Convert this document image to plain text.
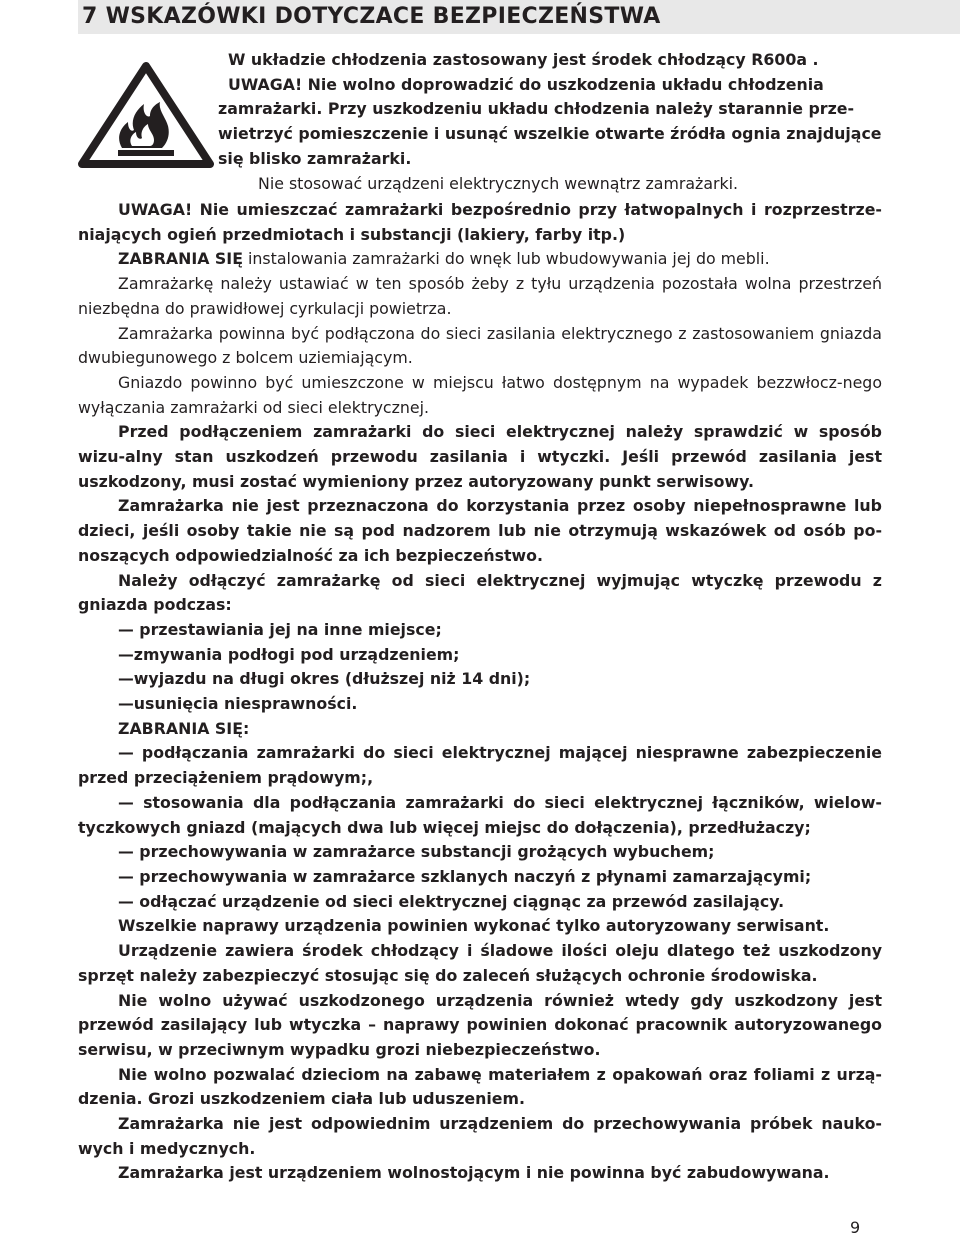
7 WSKAZÓWKI DOTYCZACE BEZPIECZEŃSTWA

W układzie chłodzenia zastosowany jest środek chłodzący R600a .

UWAGA! Nie wolno doprowadzić do uszkodzenia układu chłodzenia

zamrażarki. Przy uszkodzeniu układu chłodzenia należy starannie prze-

wietrzyć pomieszczenie i usunąć wszelkie otwarte źródła ognia znajdujące

się blisko zamrażarki.

Nie stosować urządzeni elektrycznych wewnątrz zamrażarki.

UWAGA! Nie umieszczać zamrażarki bezpośrednio przy łatwopalnych i rozprzestrze-niających ogień przedmiotach i substancji (lakiery, farby itp.)

ZABRANIA SIĘ instalowania zamrażarki do wnęk lub wbudowywania jej do mebli.

Zamrażarkę należy ustawiać w ten sposób żeby z tyłu urządzenia pozostała wolna przestrzeń niezbędna do prawidłowej cyrkulacji powietrza.

Zamrażarka powinna być podłączona do sieci zasilania elektrycznego z zastosowaniem gniazda dwubiegunowego z bolcem uziemiającym.

Gniazdo powinno być umieszczone w miejscu łatwo dostępnym na wypadek bezzwłocz-nego wyłączania zamrażarki od sieci elektrycznej.

Przed podłączeniem zamrażarki do sieci elektrycznej należy sprawdzić w sposób wizu-alny stan uszkodzeń przewodu zasilania i wtyczki. Jeśli przewód zasilania jest uszkodzony, musi zostać wymieniony przez autoryzowany punkt serwisowy.

Zamrażarka nie jest przeznaczona do korzystania przez osoby niepełnosprawne lub dzieci, jeśli osoby takie nie są pod nadzorem lub nie otrzymują wskazówek od osób po-noszących odpowiedzialność za ich bezpieczeństwo.

Należy odłączyć zamrażarkę od sieci elektrycznej wyjmując wtyczkę przewodu z gniazda podczas:

— przestawiania jej na inne miejsce;

—zmywania podłogi pod urządzeniem;

—wyjazdu na długi okres (dłuższej niż 14 dni);

—usunięcia niesprawności.

ZABRANIA SIĘ:

— podłączania zamrażarki do sieci elektrycznej mającej niesprawne zabezpieczenie przed przeciążeniem prądowym;,

— stosowania dla podłączania zamrażarki do sieci elektrycznej łączników, wielow-tyczkowych gniazd (mających dwa lub więcej miejsc do dołączenia), przedłużaczy;

— przechowywania w zamrażarce substancji grożących wybuchem;

— przechowywania w zamrażarce szklanych naczyń z płynami zamarzającymi;

— odłączać urządzenie od sieci elektrycznej ciągnąc za przewód zasilający.

Wszelkie naprawy urządzenia powinien wykonać tylko autoryzowany serwisant.

Urządzenie zawiera środek chłodzący i śladowe ilości oleju dlatego też uszkodzony sprzęt należy zabezpieczyć stosując się do zaleceń służących ochronie środowiska.

Nie wolno używać uszkodzonego urządzenia również wtedy gdy uszkodzony jest przewód zasilający lub wtyczka – naprawy powinien dokonać pracownik autoryzowanego serwisu, w przeciwnym wypadku grozi niebezpieczeństwo.

Nie wolno pozwalać dzieciom na zabawę materiałem z opakowań oraz foliami z urzą-dzenia. Grozi uszkodzeniem ciała lub uduszeniem.

Zamrażarka nie jest odpowiednim urządzeniem do przechowywania próbek nauko-wych i medycznych.

Zamrażarka jest urządzeniem wolnostojącym i nie powinna być zabudowywana.

9
